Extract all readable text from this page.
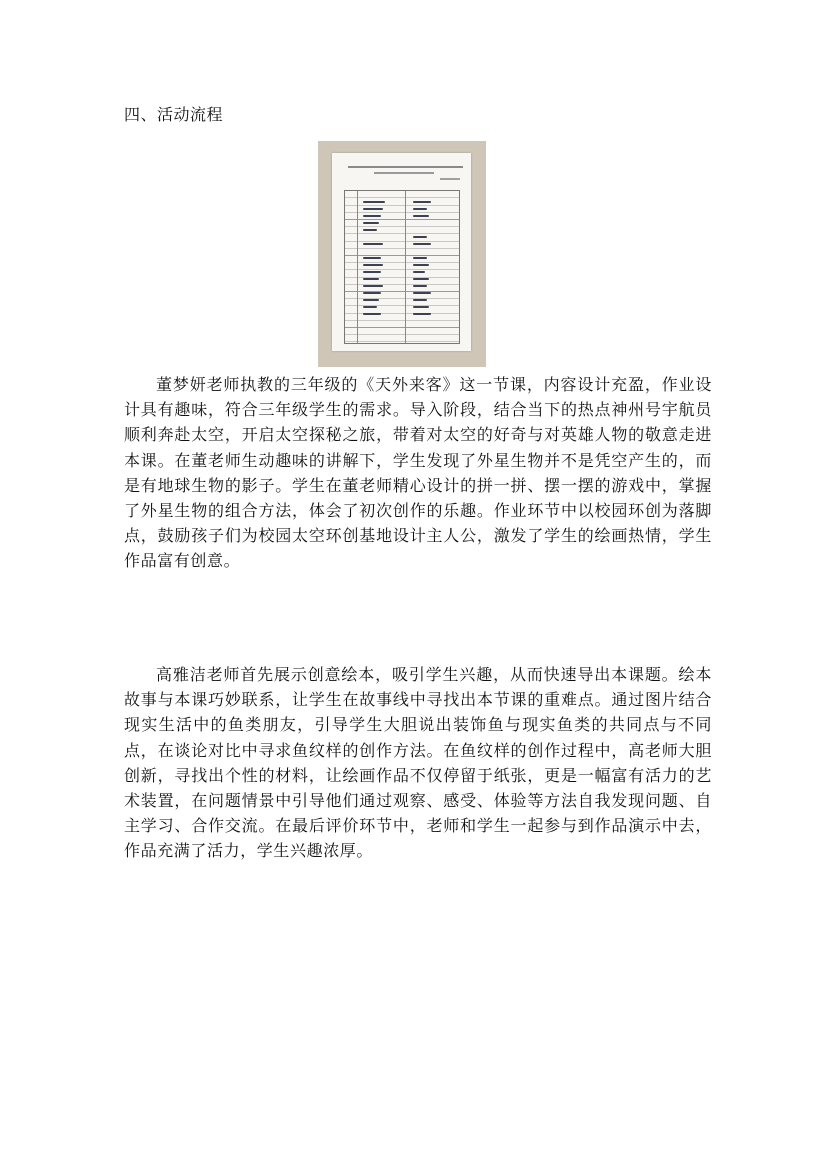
四、活动流程

董梦妍老师执教的三年级的《天外来客》这一节课，内容设计充盈，作业设计具有趣味，符合三年级学生的需求。导入阶段，结合当下的热点神州号宇航员顺利奔赴太空，开启太空探秘之旅，带着对太空的好奇与对英雄人物的敬意走进本课。在董老师生动趣味的讲解下，学生发现了外星生物并不是凭空产生的，而是有地球生物的影子。学生在董老师精心设计的拼一拼、摆一摆的游戏中，掌握了外星生物的组合方法，体会了初次创作的乐趣。作业环节中以校园环创为落脚点，鼓励孩子们为校园太空环创基地设计主人公，激发了学生的绘画热情，学生作品富有创意。

高雅洁老师首先展示创意绘本，吸引学生兴趣，从而快速导出本课题。绘本故事与本课巧妙联系，让学生在故事线中寻找出本节课的重难点。通过图片结合现实生活中的鱼类朋友，引导学生大胆说出装饰鱼与现实鱼类的共同点与不同点，在谈论对比中寻求鱼纹样的创作方法。在鱼纹样的创作过程中，高老师大胆创新，寻找出个性的材料，让绘画作品不仅停留于纸张，更是一幅富有活力的艺术装置，在问题情景中引导他们通过观察、感受、体验等方法自我发现问题、自主学习、合作交流。在最后评价环节中，老师和学生一起参与到作品演示中去，作品充满了活力，学生兴趣浓厚。
